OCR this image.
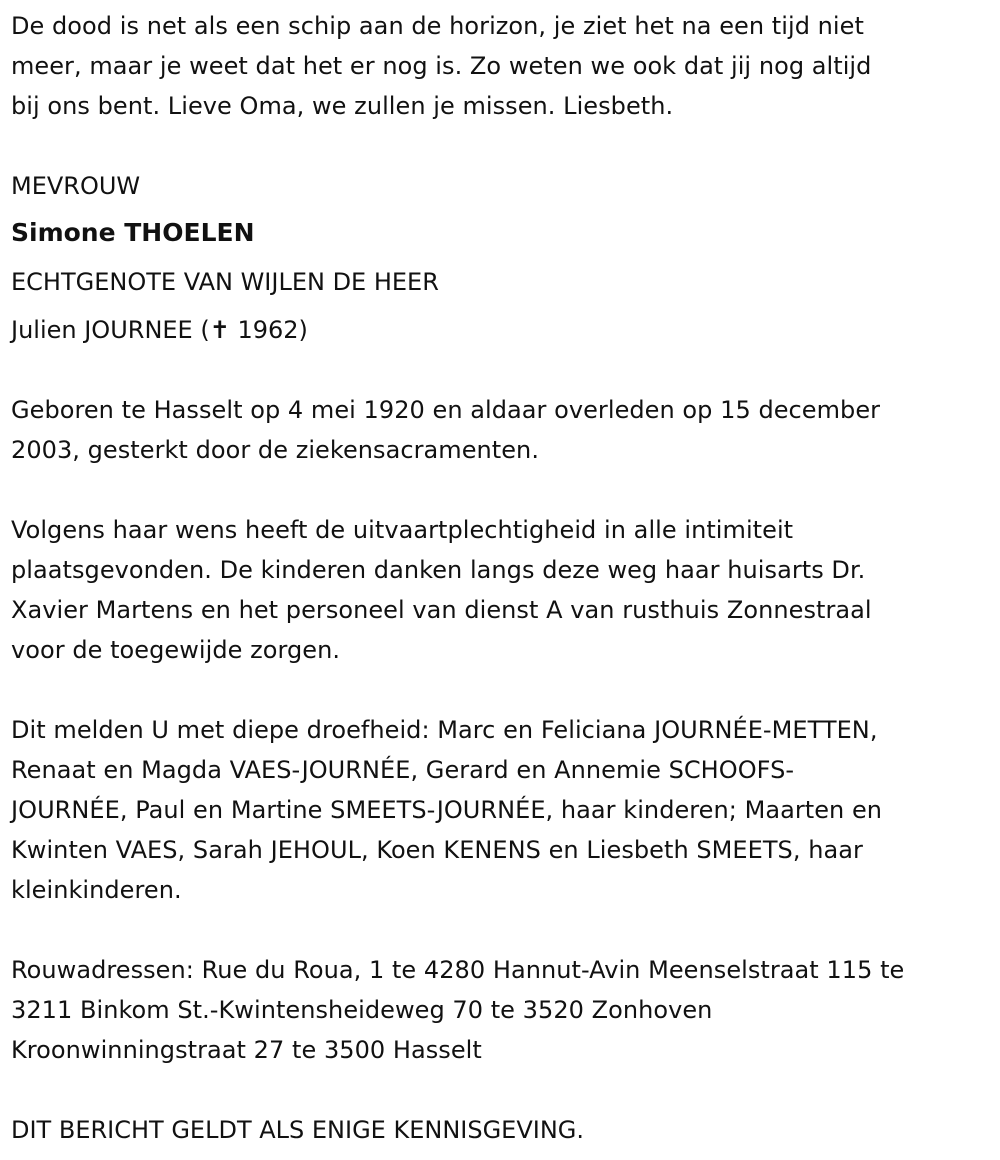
De dood is net als een schip aan de horizon, je ziet het na een tijd niet
meer, maar je weet dat het er nog is. Zo weten we ook dat jij nog altijd
bij ons bent. Lieve Oma, we zullen je missen. Liesbeth.

MEVROUW
Simone THOELEN
ECHTGENOTE VAN WIJLEN DE HEER
Julien JOURNEE (✝ 1962)

Geboren te Hasselt op 4 mei 1920 en aldaar overleden op 15 december
2003, gesterkt door de ziekensacramenten.

Volgens haar wens heeft de uitvaartplechtigheid in alle intimiteit
plaatsgevonden. De kinderen danken langs deze weg haar huisarts Dr.
Xavier Martens en het personeel van dienst A van rusthuis Zonnestraal
voor de toegewijde zorgen.

Dit melden U met diepe droefheid: Marc en Feliciana JOURNÉE-METTEN,
Renaat en Magda VAES-JOURNÉE, Gerard en Annemie SCHOOFS-
JOURNÉE, Paul en Martine SMEETS-JOURNÉE, haar kinderen; Maarten en
Kwinten VAES, Sarah JEHOUL, Koen KENENS en Liesbeth SMEETS, haar
kleinkinderen.

Rouwadressen: Rue du Roua, 1 te 4280 Hannut-Avin Meenselstraat 115 te
3211 Binkom St.-Kwintensheideweg 70 te 3520 Zonhoven
Kroonwinningstraat 27 te 3500 Hasselt

DIT BERICHT GELDT ALS ENIGE KENNISGEVING.
